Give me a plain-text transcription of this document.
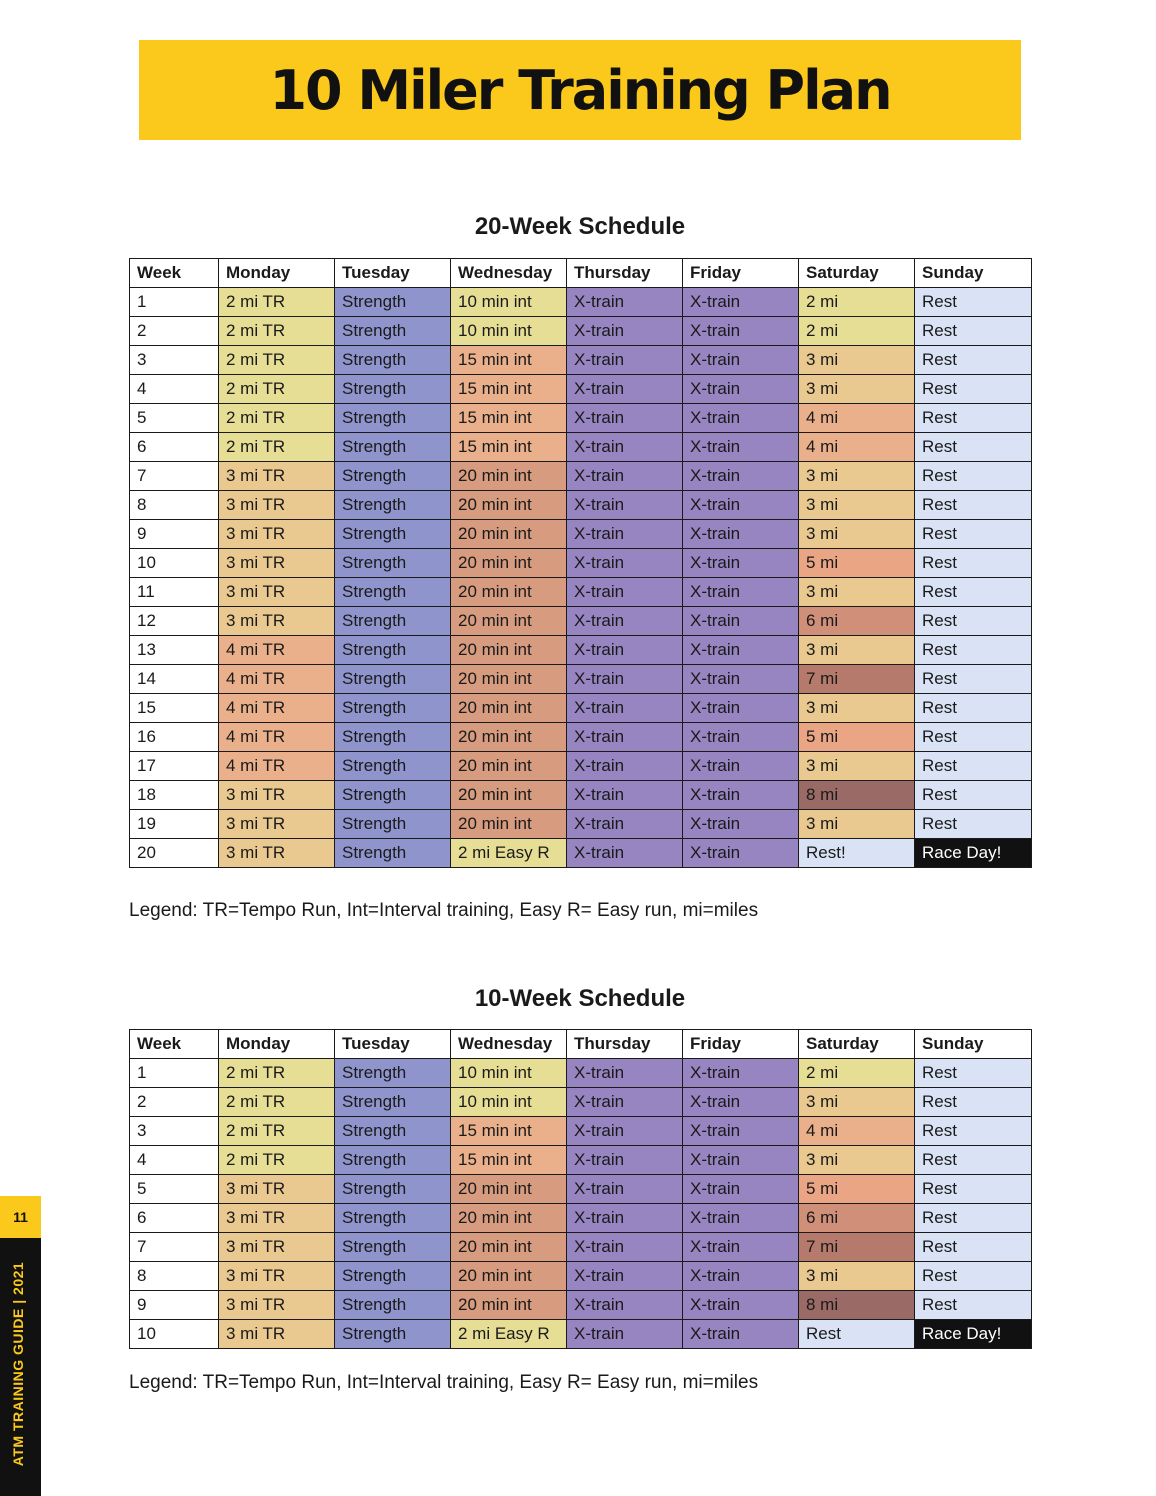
10 Miler Training Plan
20-Week Schedule
Week	Monday	Tuesday	Wednesday	Thursday	Friday	Saturday	Sunday
1	2 mi TR	Strength	10 min int	X-train	X-train	2 mi	Rest
2	2 mi TR	Strength	10 min int	X-train	X-train	2 mi	Rest
3	2 mi TR	Strength	15 min int	X-train	X-train	3 mi	Rest
4	2 mi TR	Strength	15 min int	X-train	X-train	3 mi	Rest
5	2 mi TR	Strength	15 min int	X-train	X-train	4 mi	Rest
6	2 mi TR	Strength	15 min int	X-train	X-train	4 mi	Rest
7	3 mi TR	Strength	20 min int	X-train	X-train	3 mi	Rest
8	3 mi TR	Strength	20 min int	X-train	X-train	3 mi	Rest
9	3 mi TR	Strength	20 min int	X-train	X-train	3 mi	Rest
10	3 mi TR	Strength	20 min int	X-train	X-train	5 mi	Rest
11	3 mi TR	Strength	20 min int	X-train	X-train	3 mi	Rest
12	3 mi TR	Strength	20 min int	X-train	X-train	6 mi	Rest
13	4 mi TR	Strength	20 min int	X-train	X-train	3 mi	Rest
14	4 mi TR	Strength	20 min int	X-train	X-train	7 mi	Rest
15	4 mi TR	Strength	20 min int	X-train	X-train	3 mi	Rest
16	4 mi TR	Strength	20 min int	X-train	X-train	5 mi	Rest
17	4 mi TR	Strength	20 min int	X-train	X-train	3 mi	Rest
18	3 mi TR	Strength	20 min int	X-train	X-train	8 mi	Rest
19	3 mi TR	Strength	20 min int	X-train	X-train	3 mi	Rest
20	3 mi TR	Strength	2 mi Easy R	X-train	X-train	Rest!	Race Day!

Legend: TR=Tempo Run, Int=Interval training, Easy R= Easy run, mi=miles

10-Week Schedule
Week	Monday	Tuesday	Wednesday	Thursday	Friday	Saturday	Sunday
1	2 mi TR	Strength	10 min int	X-train	X-train	2 mi	Rest
2	2 mi TR	Strength	10 min int	X-train	X-train	3 mi	Rest
3	2 mi TR	Strength	15 min int	X-train	X-train	4 mi	Rest
4	2 mi TR	Strength	15 min int	X-train	X-train	3 mi	Rest
5	3 mi TR	Strength	20 min int	X-train	X-train	5 mi	Rest
6	3 mi TR	Strength	20 min int	X-train	X-train	6 mi	Rest
7	3 mi TR	Strength	20 min int	X-train	X-train	7 mi	Rest
8	3 mi TR	Strength	20 min int	X-train	X-train	3 mi	Rest
9	3 mi TR	Strength	20 min int	X-train	X-train	8 mi	Rest
10	3 mi TR	Strength	2 mi Easy R	X-train	X-train	Rest	Race Day!

Legend: TR=Tempo Run, Int=Interval training, Easy R= Easy run, mi=miles

11
ATM TRAINING GUIDE | 2021
